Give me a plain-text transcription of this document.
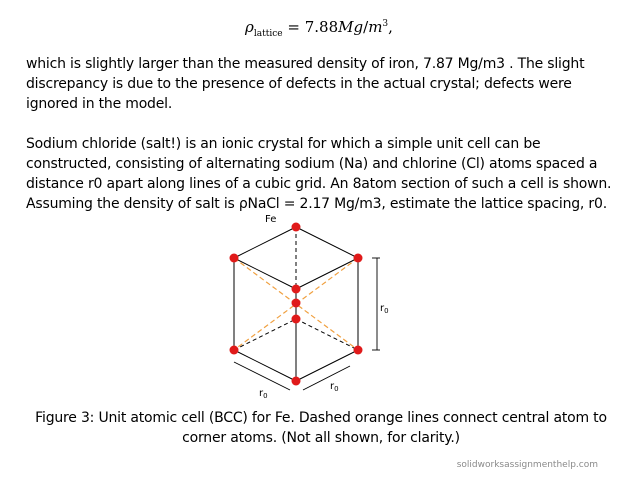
$\rho_{lattice} = 7.88Mg/m^3$,

which is slightly larger than the measured density of iron, 7.87 Mg/m3 . The slight discrepancy is due to the presence of defects in the actual crystal; defects were ignored in the model.

Sodium chloride (salt!) is an ionic crystal for which a simple unit cell can be constructed, consisting of alternating sodium (Na) and chlorine (Cl) atoms spaced a distance r0 apart along lines of a cubic grid. An 8atom section of such a cell is shown. Assuming the density of salt is ρNaCl = 2.17 Mg/m3, estimate the lattice spacing, r0.

Fe
$r_0$
$r_0$
$r_0$

Figure 3: Unit atomic cell (BCC) for Fe. Dashed orange lines connect central atom to corner atoms. (Not all shown, for clarity.)

solidworksassignmenthelp.com
